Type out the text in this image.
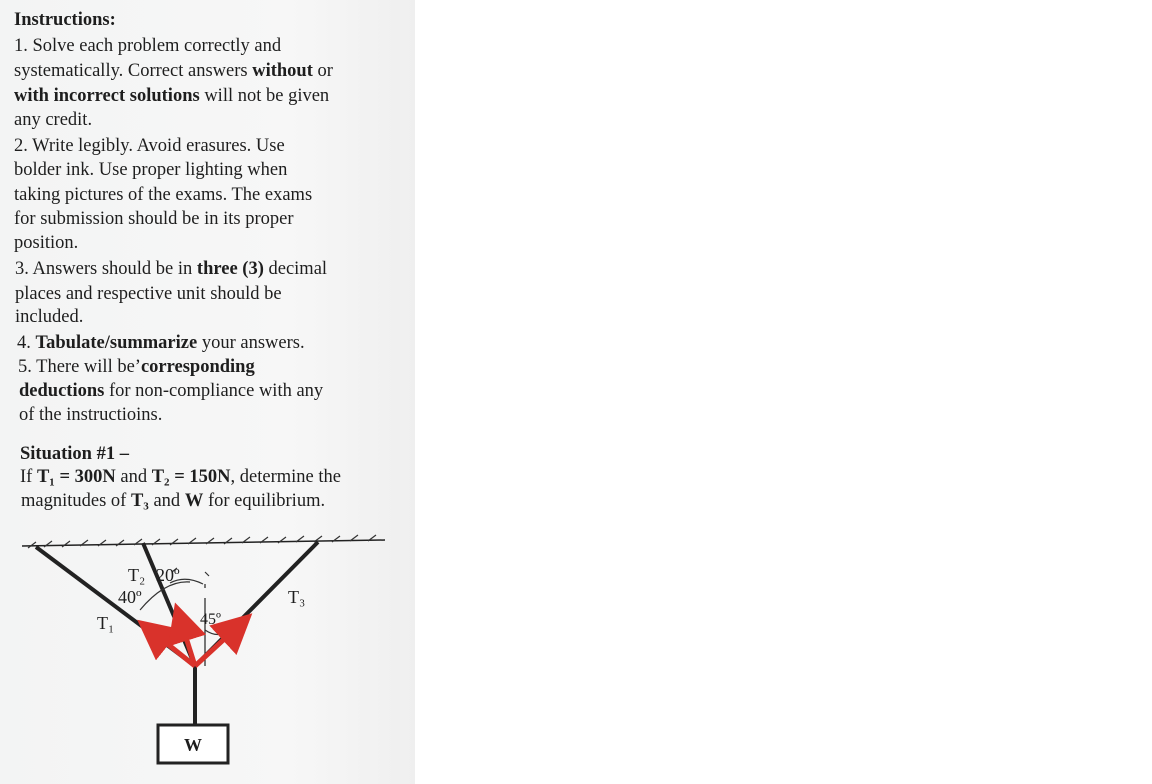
Instructions:
1. Solve each problem correctly and
systematically. Correct answers without or
with incorrect solutions will not be given
any credit.
2. Write legibly. Avoid erasures. Use
bolder ink. Use proper lighting when
taking pictures of the exams. The exams
for submission should be in its proper
position.
3. Answers should be in three (3) decimal
places and respective unit should be
included.
4. Tabulate/summarize your answers.
5. There will be’corresponding
deductions for non-compliance with any
of the instructioins.
Situation #1 –
If T₁ = 300N and T₂ = 150N, determine the
magnitudes of T₃ and W for equilibrium.
T₁
T₂
T₃
40º
20º
45º
W
